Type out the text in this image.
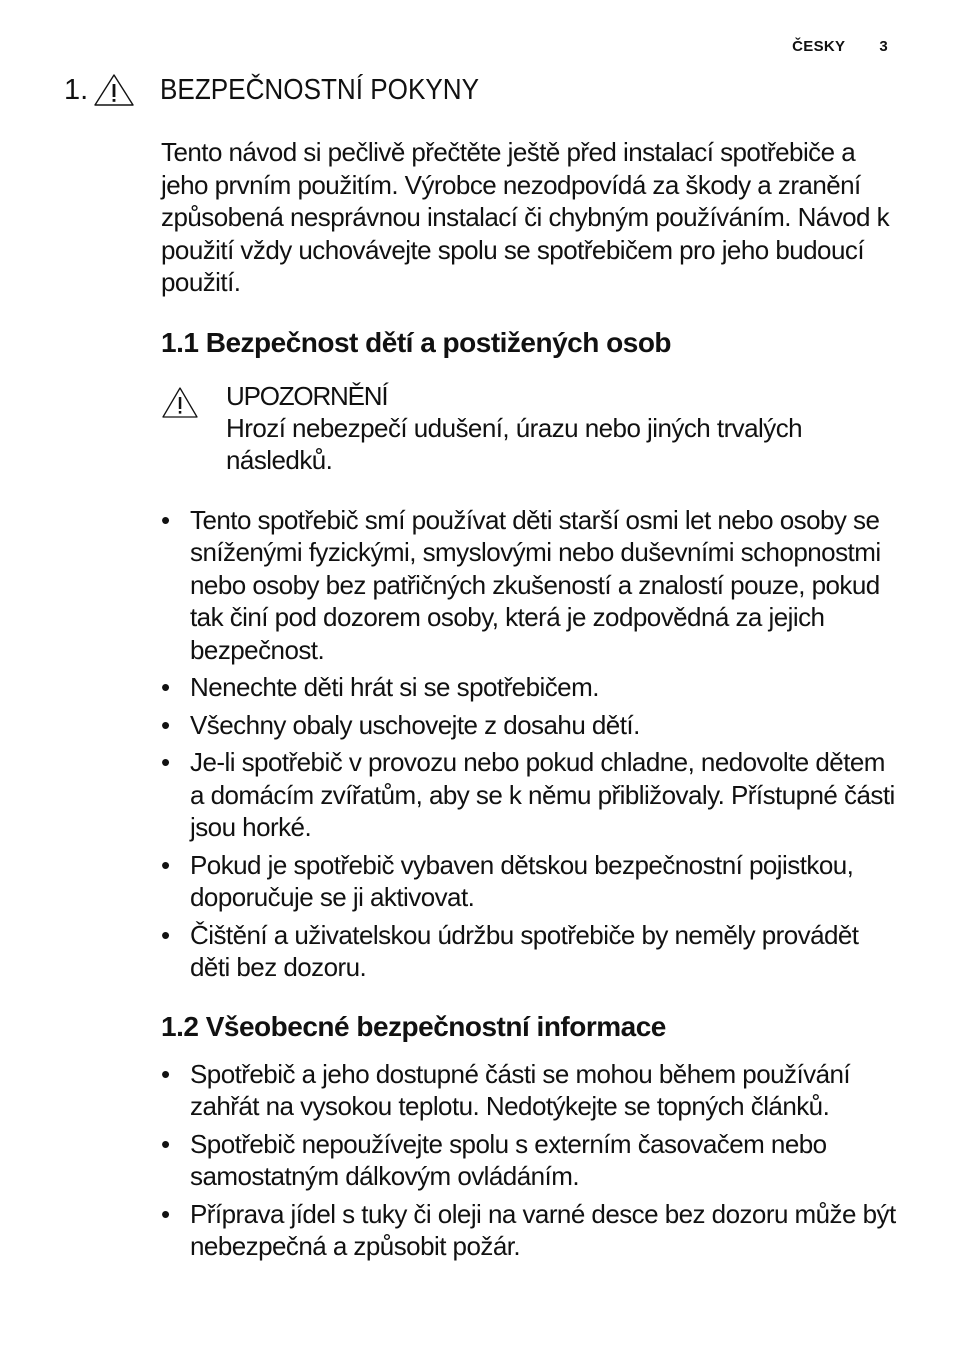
ČESKY 3
1. BEZPEČNOSTNÍ POKYNY

Tento návod si pečlivě přečtěte ještě před instalací spotřebiče a jeho prvním použitím. Výrobce nezodpovídá za škody a zranění způsobená nesprávnou instalací či chybným používáním. Návod k použití vždy uchovávejte spolu se spotřebičem pro jeho budoucí použití.

1.1 Bezpečnost dětí a postižených osob
UPOZORNĚNÍ
Hrozí nebezpečí udušení, úrazu nebo jiných trvalých následků.
• Tento spotřebič smí používat děti starší osmi let nebo osoby se sníženými fyzickými, smyslovými nebo duševními schopnostmi nebo osoby bez patřičných zkušeností a znalostí pouze, pokud tak činí pod dozorem osoby, která je zodpovědná za jejich bezpečnost.
• Nenechte děti hrát si se spotřebičem.
• Všechny obaly uschovejte z dosahu dětí.
• Je-li spotřebič v provozu nebo pokud chladne, nedovolte dětem a domácím zvířatům, aby se k němu přibližovaly. Přístupné části jsou horké.
• Pokud je spotřebič vybaven dětskou bezpečnostní pojistkou, doporučuje se ji aktivovat.
• Čištění a uživatelskou údržbu spotřebiče by neměly provádět děti bez dozoru.
1.2 Všeobecné bezpečnostní informace
• Spotřebič a jeho dostupné části se mohou během používání zahřát na vysokou teplotu. Nedotýkejte se topných článků.
• Spotřebič nepoužívejte spolu s externím časovačem nebo samostatným dálkovým ovládáním.
• Příprava jídel s tuky či oleji na varné desce bez dozoru může být nebezpečná a způsobit požár.
